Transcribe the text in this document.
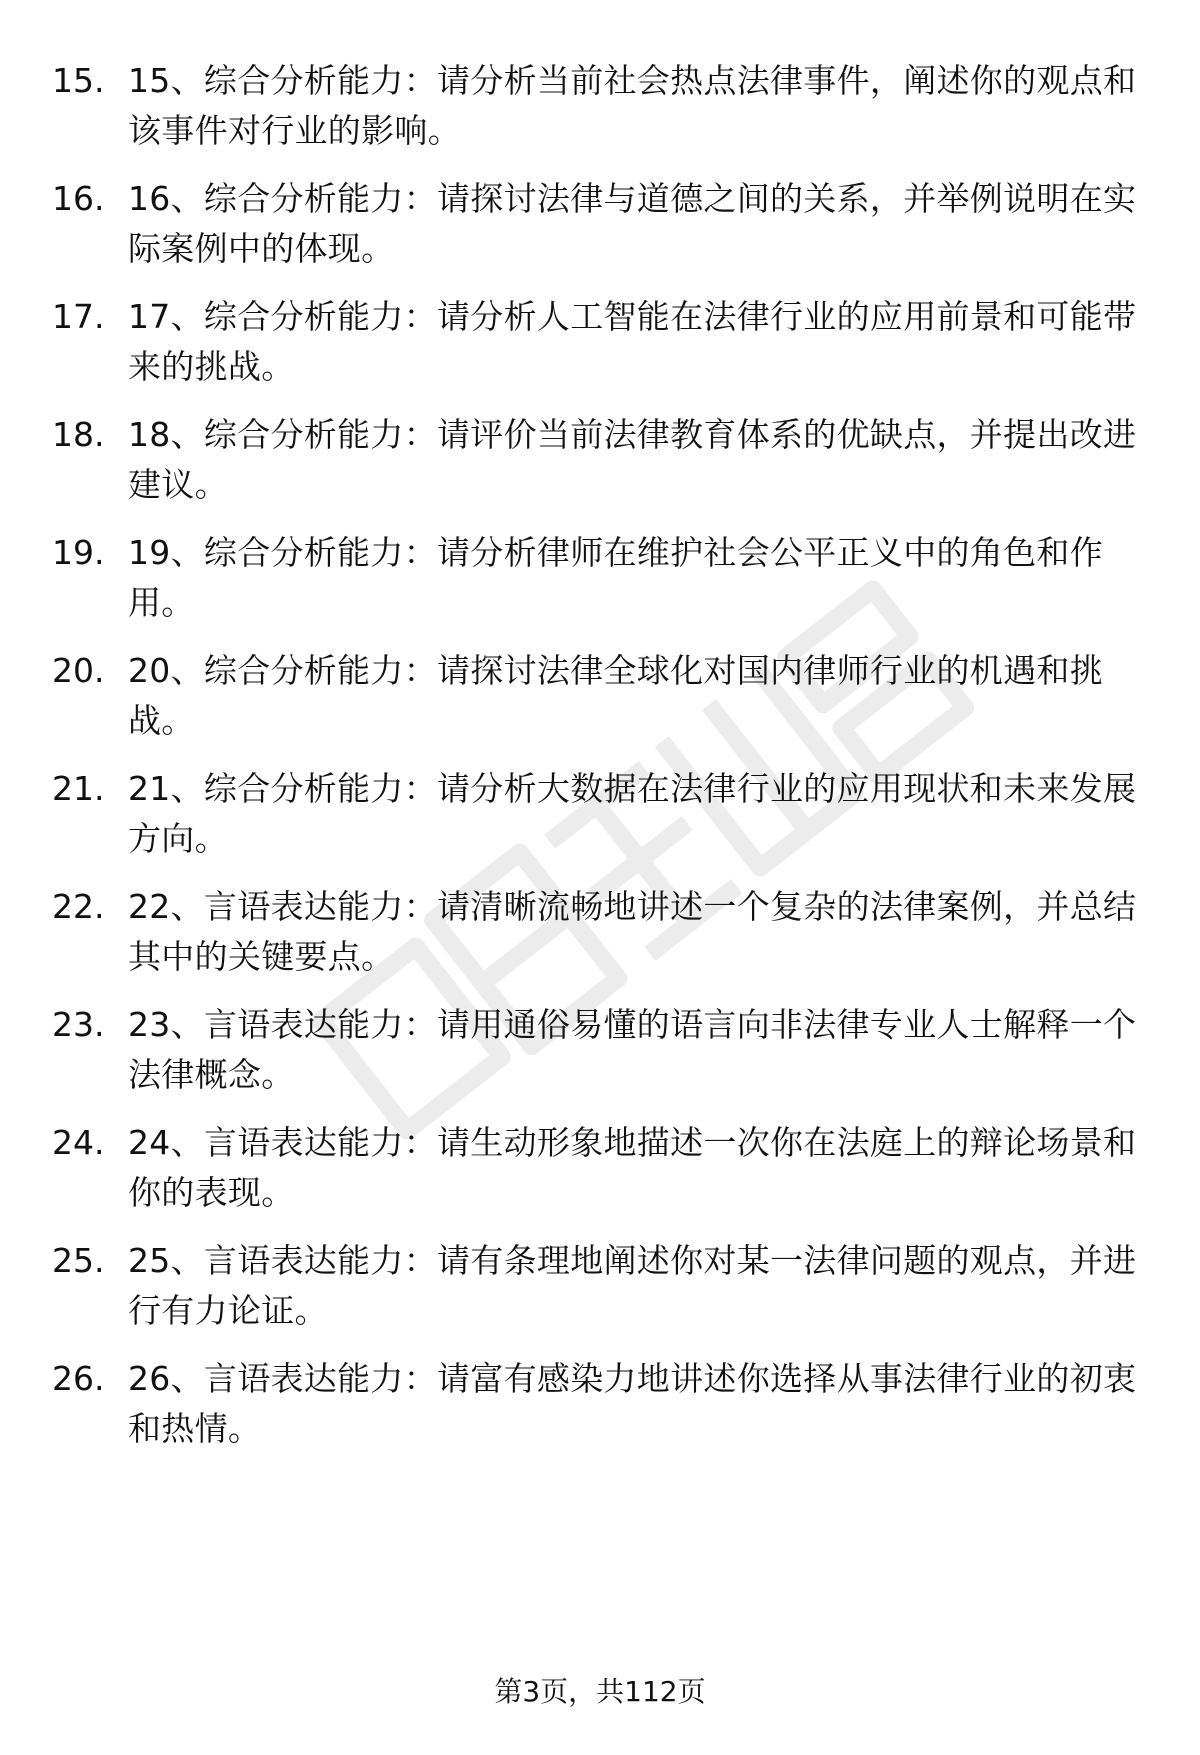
15. 15、综合分析能力：请分析当前社会热点法律事件，阐述你的观点和该事件对行业的影响。
16. 16、综合分析能力：请探讨法律与道德之间的关系，并举例说明在实际案例中的体现。
17. 17、综合分析能力：请分析人工智能在法律行业的应用前景和可能带来的挑战。
18. 18、综合分析能力：请评价当前法律教育体系的优缺点，并提出改进建议。
19. 19、综合分析能力：请分析律师在维护社会公平正义中的角色和作用。
20. 20、综合分析能力：请探讨法律全球化对国内律师行业的机遇和挑战。
21. 21、综合分析能力：请分析大数据在法律行业的应用现状和未来发展方向。
22. 22、言语表达能力：请清晰流畅地讲述一个复杂的法律案例，并总结其中的关键要点。
23. 23、言语表达能力：请用通俗易懂的语言向非法律专业人士解释一个法律概念。
24. 24、言语表达能力：请生动形象地描述一次你在法庭上的辩论场景和你的表现。
25. 25、言语表达能力：请有条理地阐述你对某一法律问题的观点，并进行有力论证。
26. 26、言语表达能力：请富有感染力地讲述你选择从事法律行业的初衷和热情。
第3页，共112页
